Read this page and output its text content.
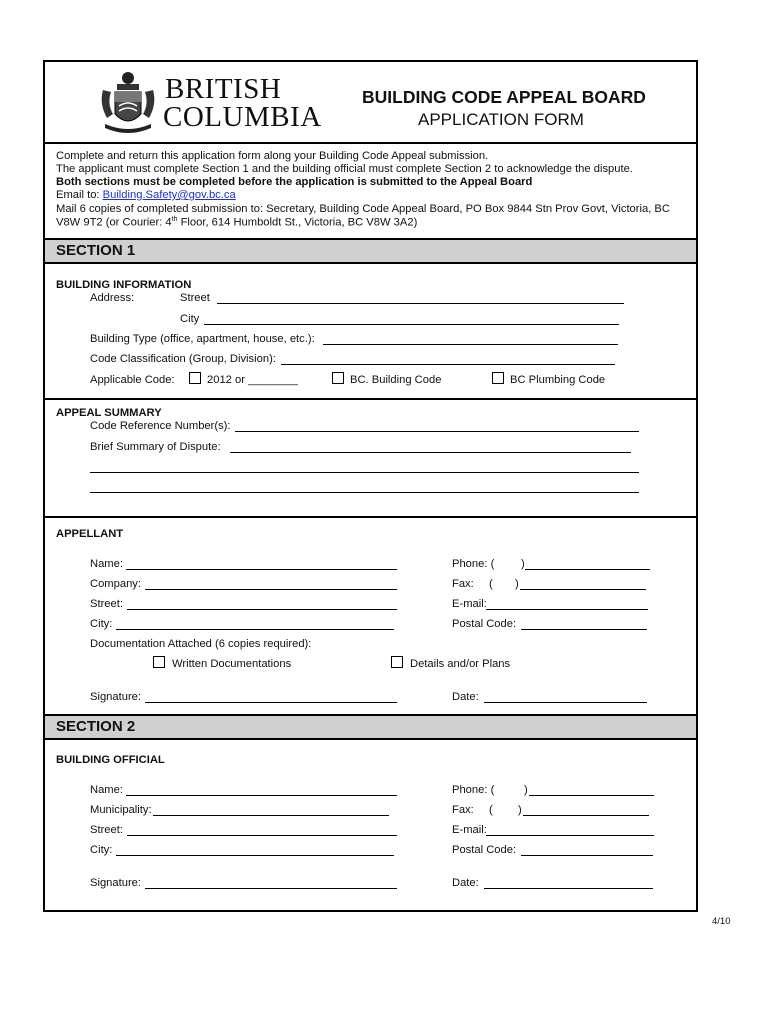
BRITISH
COLUMBIA
BUILDING CODE APPEAL BOARD
APPLICATION FORM
Complete and return this application form along your Building Code Appeal submission.
The applicant must complete Section 1 and the building official must complete Section 2 to acknowledge the dispute.
Both sections must be completed before the application is submitted to the Appeal Board
Email to: Building.Safety@gov.bc.ca
Mail 6 copies of completed submission to: Secretary, Building Code Appeal Board, PO Box 9844 Stn Prov Govt, Victoria, BC
V8W 9T2 (or Courier: 4th Floor, 614 Humboldt St., Victoria, BC V8W 3A2)
SECTION 1
BUILDING INFORMATION
Address:	Street
City
Building Type (office, apartment, house, etc.):
Code Classification (Group, Division):
Applicable Code:	2012 or ________	BC. Building Code	BC Plumbing Code
APPEAL SUMMARY
Code Reference Number(s):
Brief Summary of Dispute:
APPELLANT
Name:	Phone: ( )
Company:	Fax: ( )
Street:	E-mail:
City:	Postal Code:
Documentation Attached (6 copies required):
Written Documentations	Details and/or Plans
Signature:	Date:
SECTION 2
BUILDING OFFICIAL
Name:	Phone: (	)
Municipality:	Fax: ( )
Street:	E-mail:
City:	Postal Code:
Signature:	Date:
4/10
